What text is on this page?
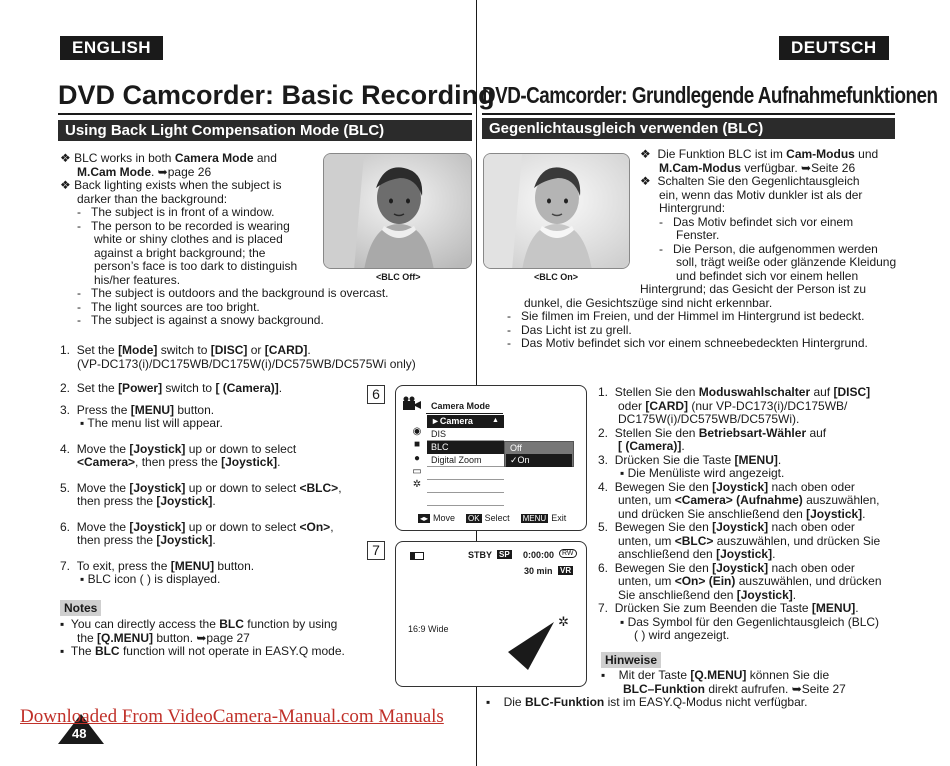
ENGLISH	DEUTSCH
DVD Camcorder: Basic Recording
DVD-Camcorder: Grundlegende Aufnahmefunktionen
Using Back Light Compensation Mode (BLC)	Gegenlichtausgleich verwenden (BLC)
<BLC Off>	<BLC On>
❖ BLC works in both Camera Mode and
M.Cam Mode. ➥page 26
❖ Back lighting exists when the subject is
darker than the background:
-   The subject is in front of a window.
-   The person to be recorded is wearing
white or shiny clothes and is placed
against a bright background; the
person’s face is too dark to distinguish
his/her features.
-   The subject is outdoors and the background is overcast.
-   The light sources are too bright.
-   The subject is against a snowy background.
1.  Set the [Mode] switch to [DISC] or [CARD].
(VP-DC173(i)/DC175WB/DC175W(i)/DC575WB/DC575Wi only)
2.  Set the [Power] switch to [ (Camera)].
3.  Press the [MENU] button.
▪ The menu list will appear.
4.  Move the [Joystick] up or down to select
<Camera>, then press the [Joystick].
5.  Move the [Joystick] up or down to select <BLC>,
then press the [Joystick].
6.  Move the [Joystick] up or down to select <On>,
then press the [Joystick].
7.  To exit, press the [MENU] button.
▪ BLC icon ( ) is displayed.
Notes
▪  You can directly access the BLC function by using
the [Q.MENU] button. ➥page 27
▪  The BLC function will not operate in EASY.Q mode.
6
Camera Mode
◉
■
●
▭
✲
►Camera	▲
DIS
BLC
Digital Zoom
Off
✓On
◂▸ Move OK Select MENU Exit
7	STBY SP 0:00:00	RW
30 min VR
✲
16:9 Wide
❖  Die Funktion BLC ist im Cam-Modus und
M.Cam-Modus verfügbar. ➥Seite 26
❖  Schalten Sie den Gegenlichtausgleich
ein, wenn das Motiv dunkler ist als der
Hintergrund:
-   Das Motiv befindet sich vor einem
Fenster.
-   Die Person, die aufgenommen werden
soll, trägt weiße oder glänzende Kleidung
und befindet sich vor einem hellen
Hintergrund; das Gesicht der Person ist zu
dunkel, die Gesichtszüge sind nicht erkennbar.
-   Sie filmen im Freien, und der Himmel im Hintergrund ist bedeckt.
-   Das Licht ist zu grell.
-   Das Motiv befindet sich vor einem schneebedeckten Hintergrund.
1.  Stellen Sie den Moduswahlschalter auf [DISC]
oder [CARD] (nur VP-DC173(i)/DC175WB/
DC175W(i)/DC575WB/DC575Wi).
2.  Stellen Sie den Betriebsart-Wähler auf
[ (Camera)].
3.  Drücken Sie die Taste [MENU].
▪ Die Menüliste wird angezeigt.
4.  Bewegen Sie den [Joystick] nach oben oder
unten, um <Camera> (Aufnahme) auszuwählen,
und drücken Sie anschließend den [Joystick].
5.  Bewegen Sie den [Joystick] nach oben oder
unten, um <BLC> auszuwählen, und drücken Sie
anschließend den [Joystick].
6.  Bewegen Sie den [Joystick] nach oben oder
unten, um <On> (Ein) auszuwählen, und drücken
Sie anschließend den [Joystick].
7.  Drücken Sie zum Beenden die Taste [MENU].
▪ Das Symbol für den Gegenlichtausgleich (BLC)
( ) wird angezeigt.
Hinweise
▪    Mit der Taste [Q.MENU] können Sie die
BLC–Funktion direkt aufrufen. ➥Seite 27
▪    Die BLC-Funktion ist im EASY.Q-Modus nicht verfügbar.
48
Downloaded From VideoCamera-Manual.com Manuals
